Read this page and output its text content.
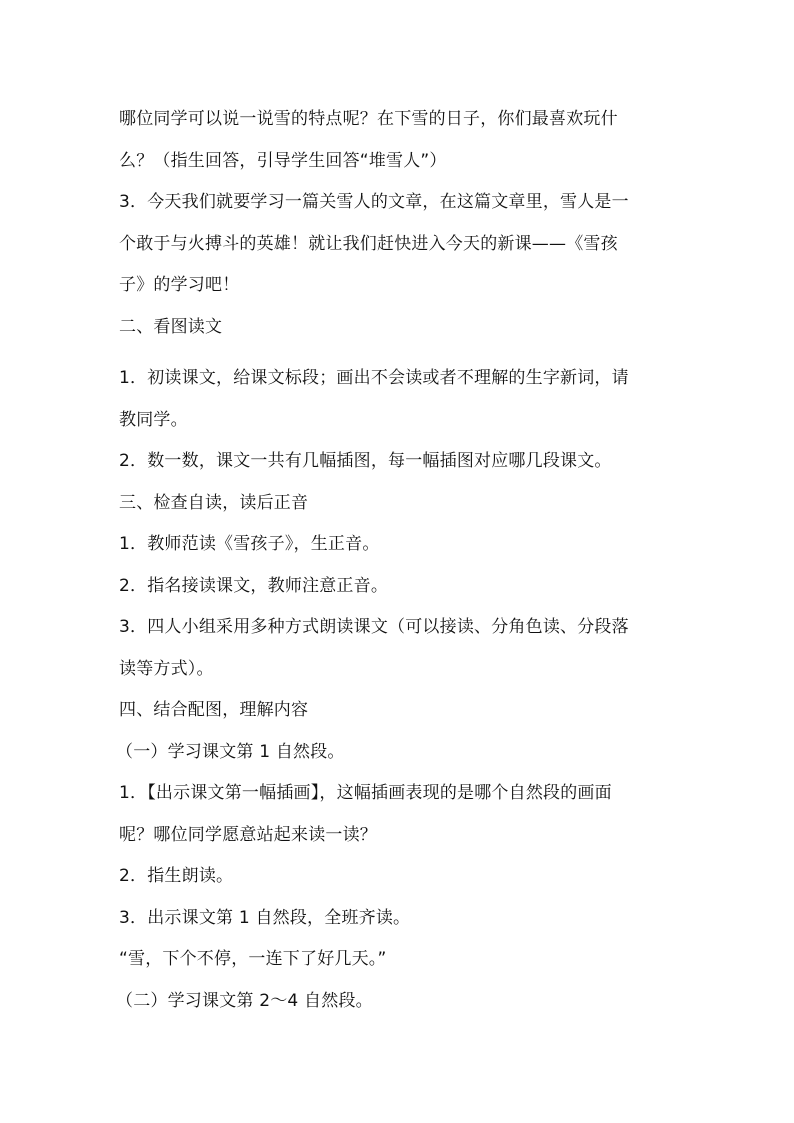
哪位同学可以说一说雪的特点呢？在下雪的日子，你们最喜欢玩什
么？（指生回答，引导学生回答“堆雪人”）
3．今天我们就要学习一篇关雪人的文章，在这篇文章里，雪人是一
个敢于与火搏斗的英雄！就让我们赶快进入今天的新课——《雪孩
子》的学习吧！
二、看图读文
1．初读课文，给课文标段；画出不会读或者不理解的生字新词，请
教同学。
2．数一数，课文一共有几幅插图，每一幅插图对应哪几段课文。
三、检查自读，读后正音
1．教师范读《雪孩子》，生正音。
2．指名接读课文，教师注意正音。
3．四人小组采用多种方式朗读课文（可以接读、分角色读、分段落
读等方式）。
四、结合配图，理解内容
（一）学习课文第 1 自然段。
1．【出示课文第一幅插画】，这幅插画表现的是哪个自然段的画面
呢？哪位同学愿意站起来读一读？
2．指生朗读。
3．出示课文第 1 自然段，全班齐读。
“雪，下个不停，一连下了好几天。”
（二）学习课文第 2～4 自然段。
